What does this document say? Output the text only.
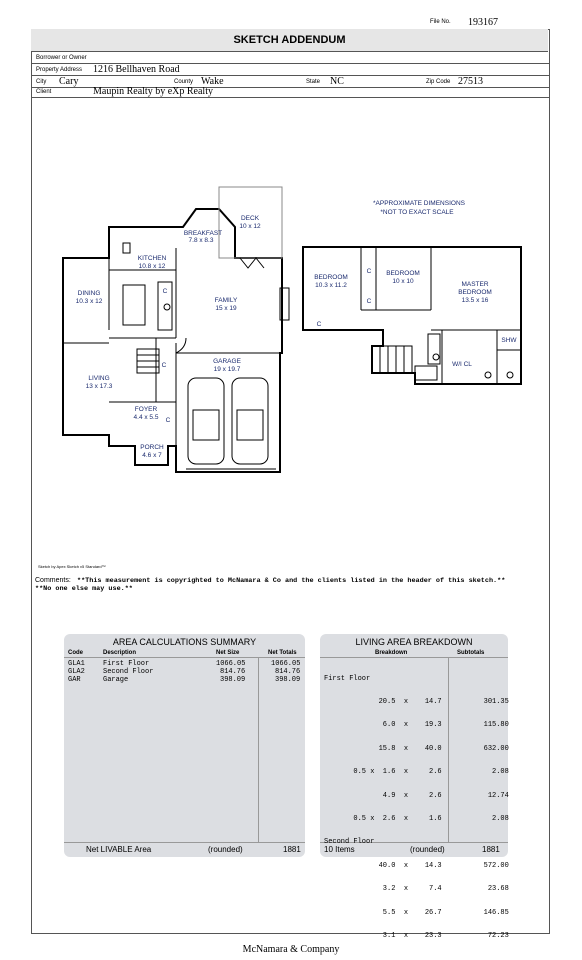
File No. 193167
SKETCH ADDENDUM
Borrower or Owner
Property Address 1216 Bellhaven Road
City Cary	County Wake	State NC	Zip Code 27513
Client	Maupin Realty by eXp Realty
DECK
10 x 12
BREAKFAST
7.8 x 8.3
KITCHEN
10.8 x 12
DINING
10.3 x 12	FAMILY
15 x 19
LIVING
13 x 17.3
GARAGE
19 x 19.7
FOYER
4.4 x 5.5
PORCH
4.6 x 7
BEDROOM
10.3 x 11.2
BEDROOM
10 x 10	MASTER
BEDROOM
13.5 x 16
SHW
W/I CL
C
C
C
C
C
C
*APPROXIMATE DIMENSIONS
*NOT TO EXACT SCALE
Sketch by Apex Sketch v5 Standard™
Comments: **This measurement is copyrighted to McNamara & Co and the clients listed in the header of this sketch.**
**No one else may use.**
AREA CALCULATIONS SUMMARY
Code	Description	Net Size	Net Totals
GLA1	First Floor	1066.05	1066.05
GLA2	Second Floor	814.76	814.76
GAR	Garage	398.09	398.09
Net LIVABLE Area	(rounded)	1881
LIVING AREA BREAKDOWN
Breakdown	Subtotals

First Floor

20.5  x    14.7          301.35

6.0  x    19.3          115.80

15.8  x    40.0          632.00

0.5 x  1.6  x     2.6            2.08

4.9  x     2.6           12.74

0.5 x  2.6  x     1.6            2.08

Second Floor

40.0  x    14.3          572.00

3.2  x     7.4           23.68

5.5  x    26.7          146.85

3.1  x    23.3           72.23

10 Items	(rounded)	1881
McNamara & Company
